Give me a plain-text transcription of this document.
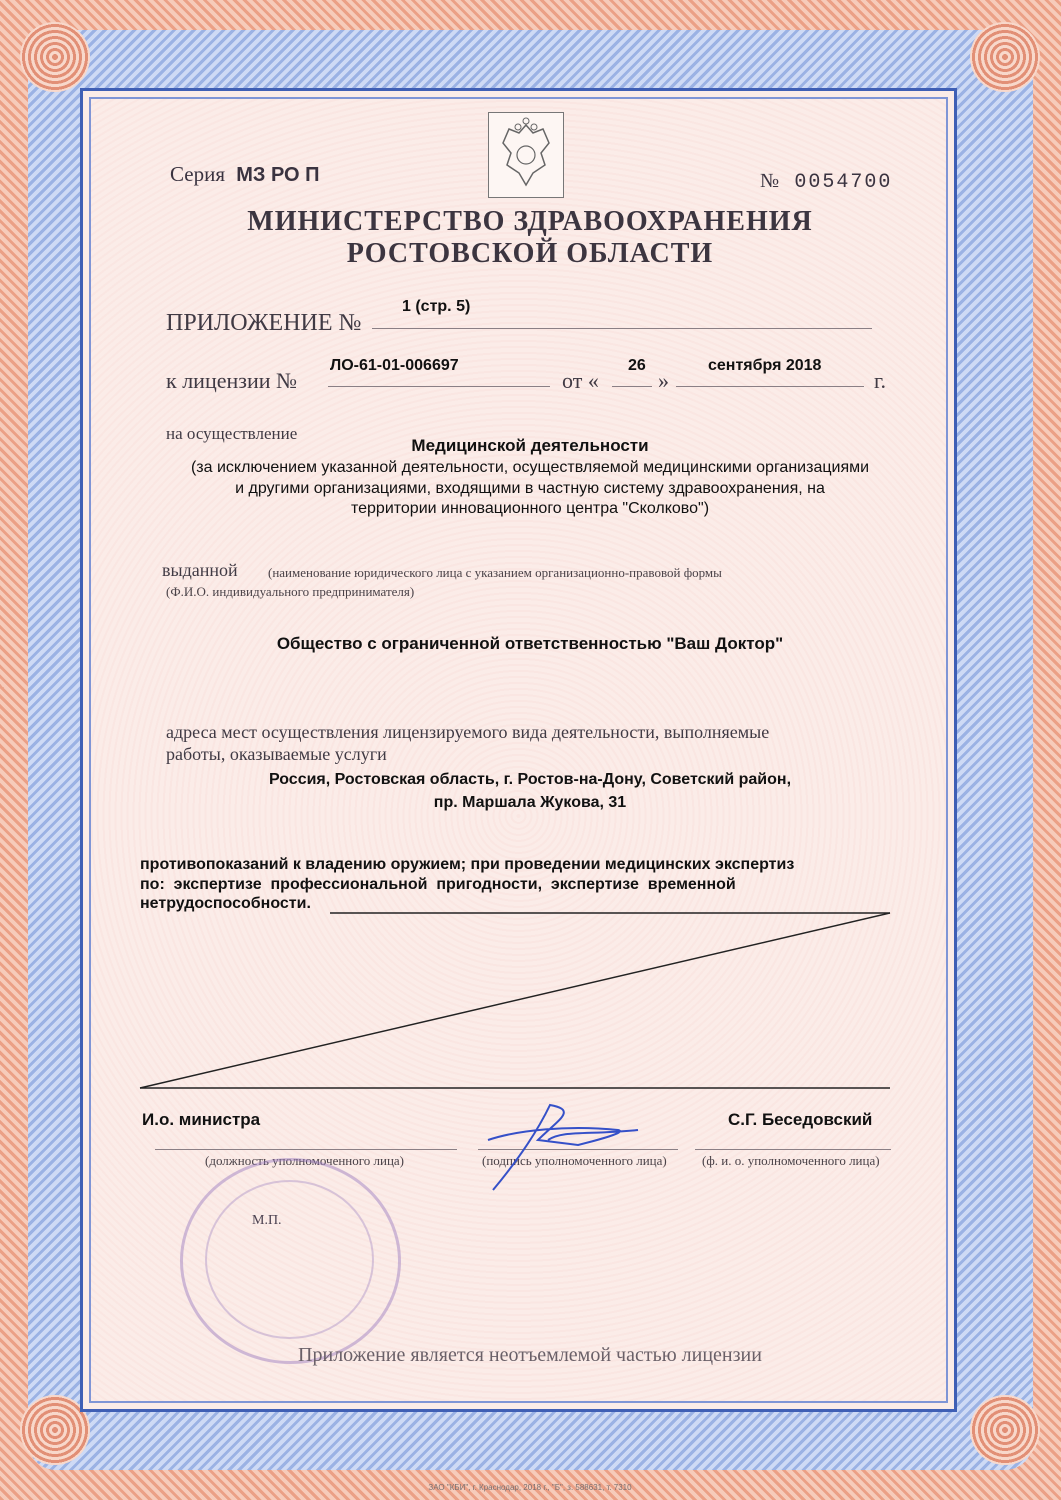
Серия МЗ РО П	№ 0054700
МИНИСТЕРСТВО ЗДРАВООХРАНЕНИЯ
РОСТОВСКОЙ ОБЛАСТИ
ПРИЛОЖЕНИЕ №
1 (стр. 5)
к лицензии №
ЛО-61-01-006697
от «
26
»
сентября 2018
г.
на осуществление
Медицинской деятельности
(за исключением указанной деятельности, осуществляемой медицинскими организациями
и другими организациями, входящими в частную систему здравоохранения, на
территории инновационного центра "Сколково")
выданной (наименование юридического лица с указанием организационно-правовой формы
(Ф.И.О. индивидуального предпринимателя)
Общество с ограниченной ответственностью "Ваш Доктор"
адреса мест осуществления лицензируемого вида деятельности, выполняемые
работы, оказываемые услуги
Россия, Ростовская область, г. Ростов-на-Дону, Советский район,
пр. Маршала Жукова, 31
противопоказаний к владению оружием; при проведении медицинских экспертиз
по:  экспертизе  профессиональной  пригодности,  экспертизе  временной
нетрудоспособности.
И.о. министра	С.Г. Беседовский
(должность уполномоченного лица)	(подпись уполномоченного лица)	(ф. и. о. уполномоченного лица)
М.П.
Приложение является неотъемлемой частью лицензии
ЗАО "КБИ", г. Краснодар, 2018 г., "Б", з. 588631, т. 7310
